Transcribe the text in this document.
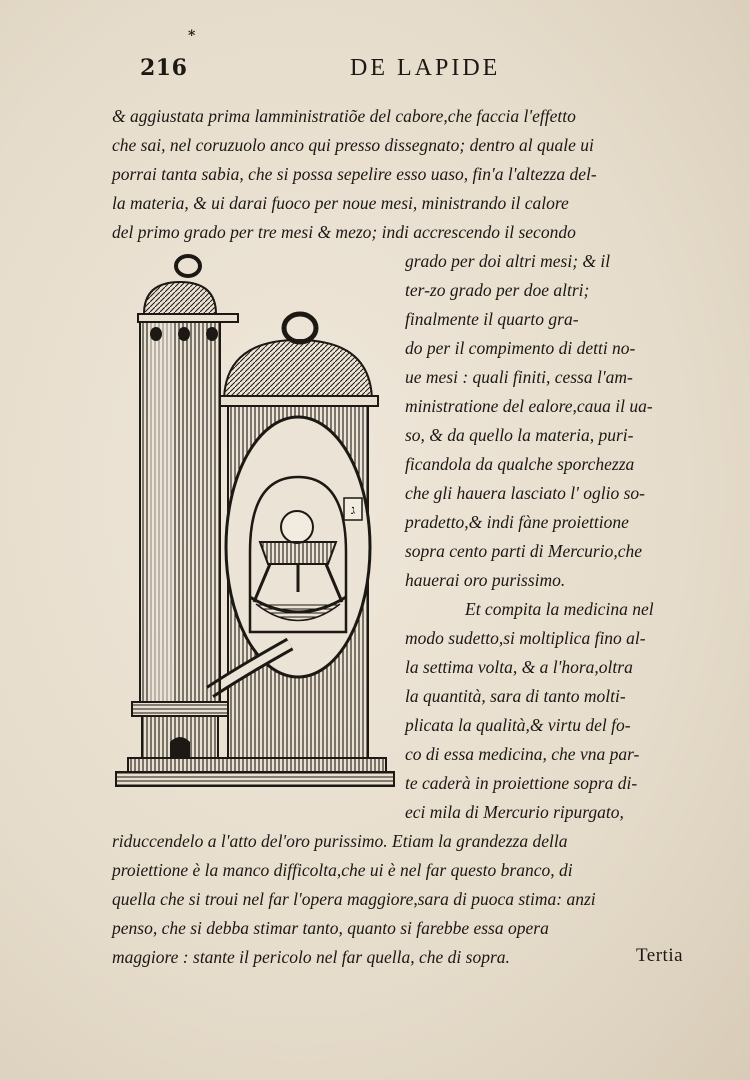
*
216	DE LAPIDE
& aggiustata prima lamministratiõe del cabore,che faccia l'effetto
che sai, nel coruzuolo anco qui presso dissegnato; dentro al quale ui
porrai tanta sabia, che si possa sepelire esso uaso, fin'a l'altezza del-
la materia, & ui darai fuoco per noue mesi, ministrando il calore
del primo grado per tre mesi & mezo; indi accrescendo il secondo
grado per doi altri mesi; & il
ter-zo grado per doe altri;
finalmente il quarto gra-
do per il compimento di detti no-
ue mesi : quali finiti, cessa l'am-
ministratione del ealore,caua il ua-
so, & da quello la materia, puri-
ficandola da qualche sporchezza
che gli hauera lasciato l' oglio so-
pradetto,& indi fàne proiettione
sopra cento parti di Mercurio,che
hauerai oro purissimo.
Et compita la medicina nel
modo sudetto,si moltiplica fino al-
la settima volta, & a l'hora,oltra
la quantità, sara di tanto molti-
plicata la qualità,& virtu del fo-
co di essa medicina, che vna par-
te caderà in proiettione sopra di-
eci mila di Mercurio ripurgato,
riduccendelo a l'atto del'oro purissimo. Etiam la grandezza della
proiettione è la manco difficolta,che ui è nel far questo branco, di
quella che si troui nel far l'opera maggiore,sara di puoca stima: anzi
penso, che si debba stimar tanto, quanto si farebbe essa opera
maggiore : stante il pericolo nel far quella, che di sopra.	Tertia
ג
